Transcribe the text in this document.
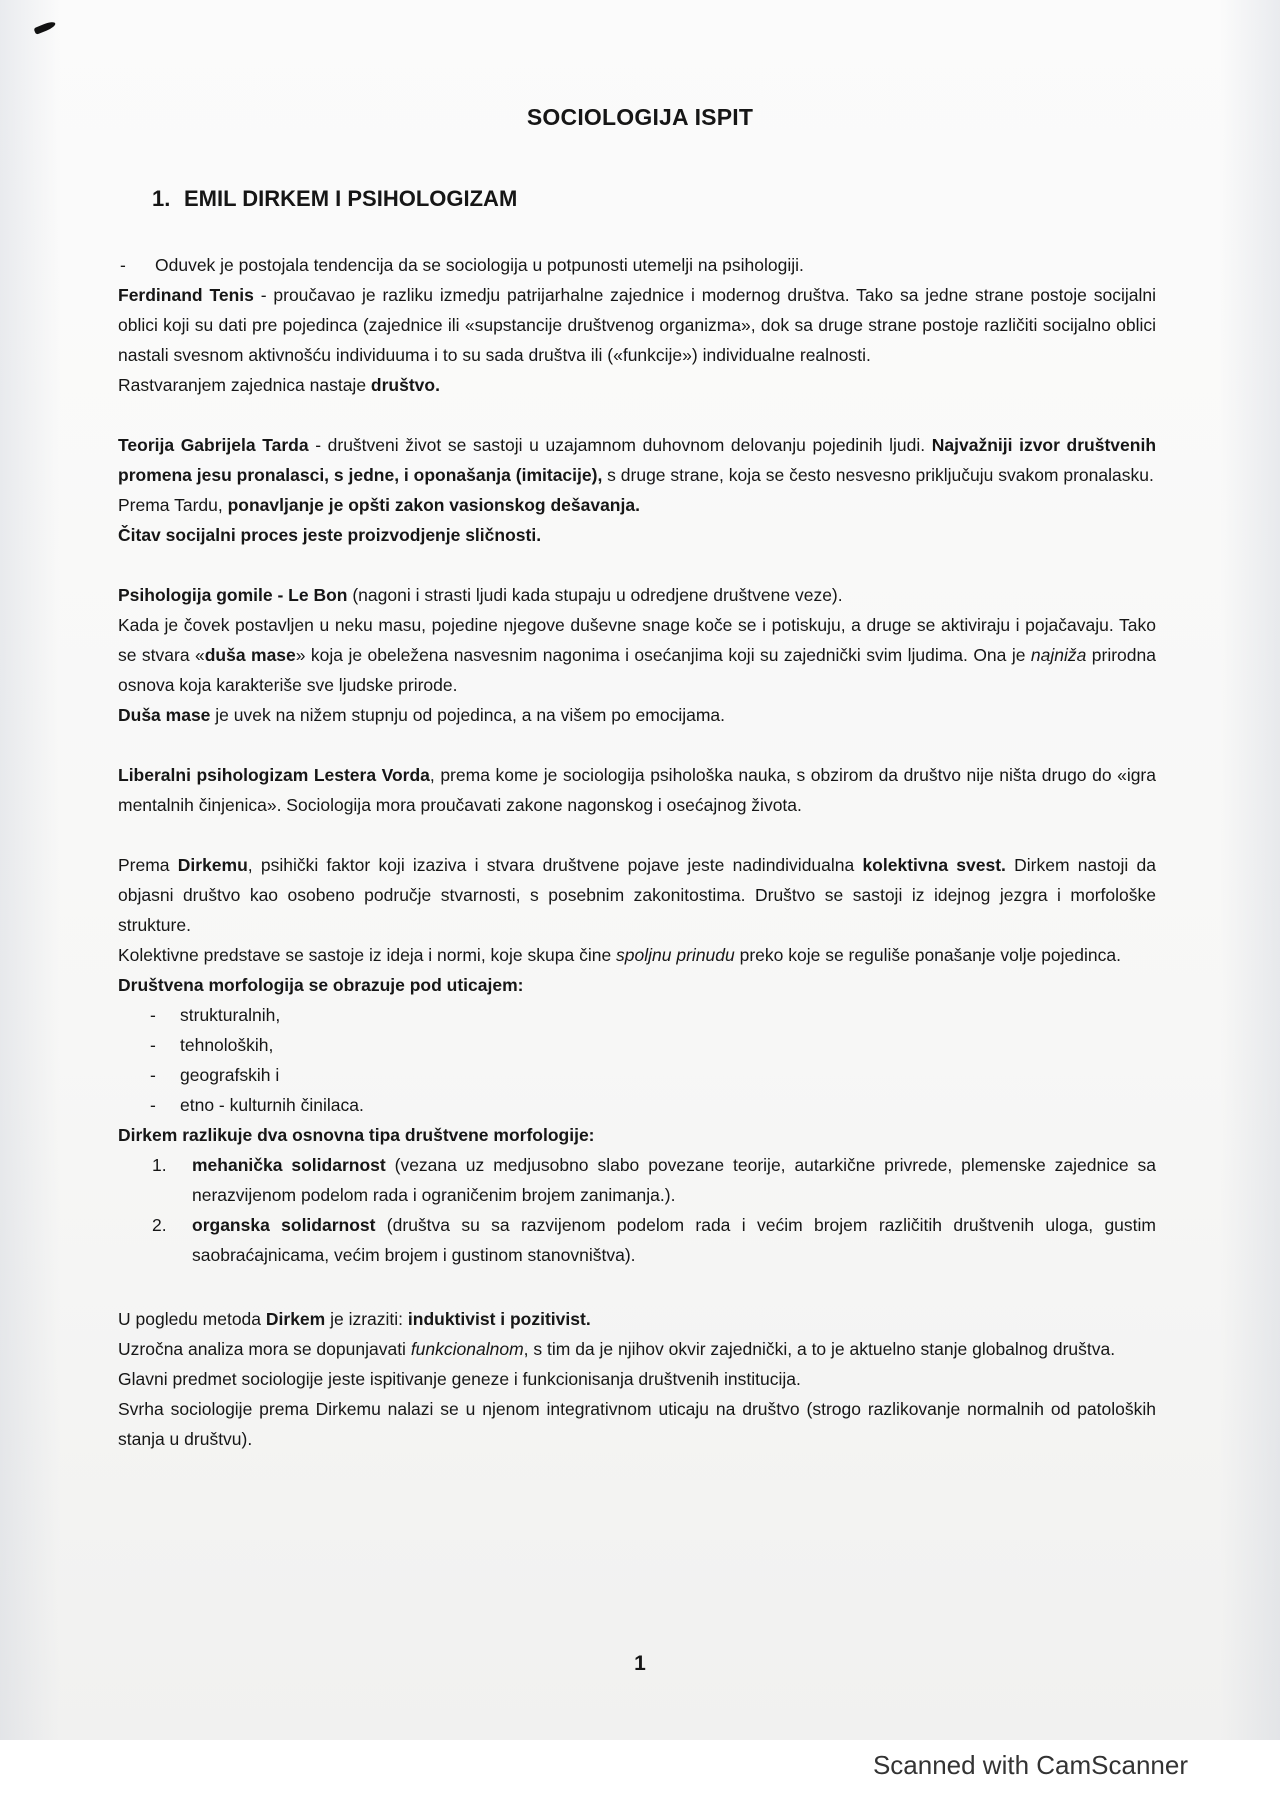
SOCIOLOGIJA ISPIT
1. EMIL DIRKEM I PSIHOLOGIZAM

-	Oduvek je postojala tendencija da se sociologija u potpunosti utemelji na psihologiji.

Ferdinand Tenis - proučavao je razliku izmedju patrijarhalne zajednice i modernog društva. Tako sa jedne strane postoje socijalni oblici koji su dati pre pojedinca (zajednice ili «supstancije društvenog organizma», dok sa druge strane postoje različiti socijalno oblici nastali svesnom aktivnošću individuuma i to su sada društva ili («funkcije») individualne realnosti.

Rastvaranjem zajednica nastaje društvo.

Teorija Gabrijela Tarda - društveni život se sastoji u uzajamnom duhovnom delovanju pojedinih ljudi. Najvažniji izvor društvenih promena jesu pronalasci, s jedne, i oponašanja (imitacije), s druge strane, koja se često nesvesno priključuju svakom pronalasku.

Prema Tardu, ponavljanje je opšti zakon vasionskog dešavanja.

Čitav socijalni proces jeste proizvodjenje sličnosti.

Psihologija gomile - Le Bon (nagoni i strasti ljudi kada stupaju u odredjene društvene veze).

Kada je čovek postavljen u neku masu, pojedine njegove duševne snage koče se i potiskuju, a druge se aktiviraju i pojačavaju. Tako se stvara «duša mase» koja je obeležena nasvesnim nagonima i osećanjima koji su zajednički svim ljudima. Ona je najniža prirodna osnova koja karakteriše sve ljudske prirode.

Duša mase je uvek na nižem stupnju od pojedinca, a na višem po emocijama.

Liberalni psihologizam Lestera Vorda, prema kome je sociologija psihološka nauka, s obzirom da društvo nije ništa drugo do «igra mentalnih činjenica». Sociologija mora proučavati zakone nagonskog i osećajnog života.

Prema Dirkemu, psihički faktor koji izaziva i stvara društvene pojave jeste nadindividualna kolektivna svest. Dirkem nastoji da objasni društvo kao osobeno područje stvarnosti, s posebnim zakonitostima. Društvo se sastoji iz idejnog jezgra i morfološke strukture.

Kolektivne predstave se sastoje iz ideja i normi, koje skupa čine spoljnu prinudu preko koje se reguliše ponašanje volje pojedinca.

Društvena morfologija se obrazuje pod uticajem:

-	strukturalnih,
-	tehnoloških,
-	geografskih i
-	etno - kulturnih činilaca.

Dirkem razlikuje dva osnovna tipa društvene morfologije:

1.	mehanička solidarnost (vezana uz medjusobno slabo povezane teorije, autarkične privrede, plemenske zajednice sa nerazvijenom podelom rada i ograničenim brojem zanimanja.).
2.	organska solidarnost (društva su sa razvijenom podelom rada i većim brojem različitih društvenih uloga, gustim saobraćajnicama, većim brojem i gustinom stanovništva).

U pogledu metoda Dirkem je izraziti: induktivist i pozitivist.

Uzročna analiza mora se dopunjavati funkcionalnom, s tim da je njihov okvir zajednički, a to je aktuelno stanje globalnog društva.

Glavni predmet sociologije jeste ispitivanje geneze i funkcionisanja društvenih institucija.

Svrha sociologije prema Dirkemu nalazi se u njenom integrativnom uticaju na društvo (strogo razlikovanje normalnih od patoloških stanja u društvu).

1
Scanned with CamScanner
